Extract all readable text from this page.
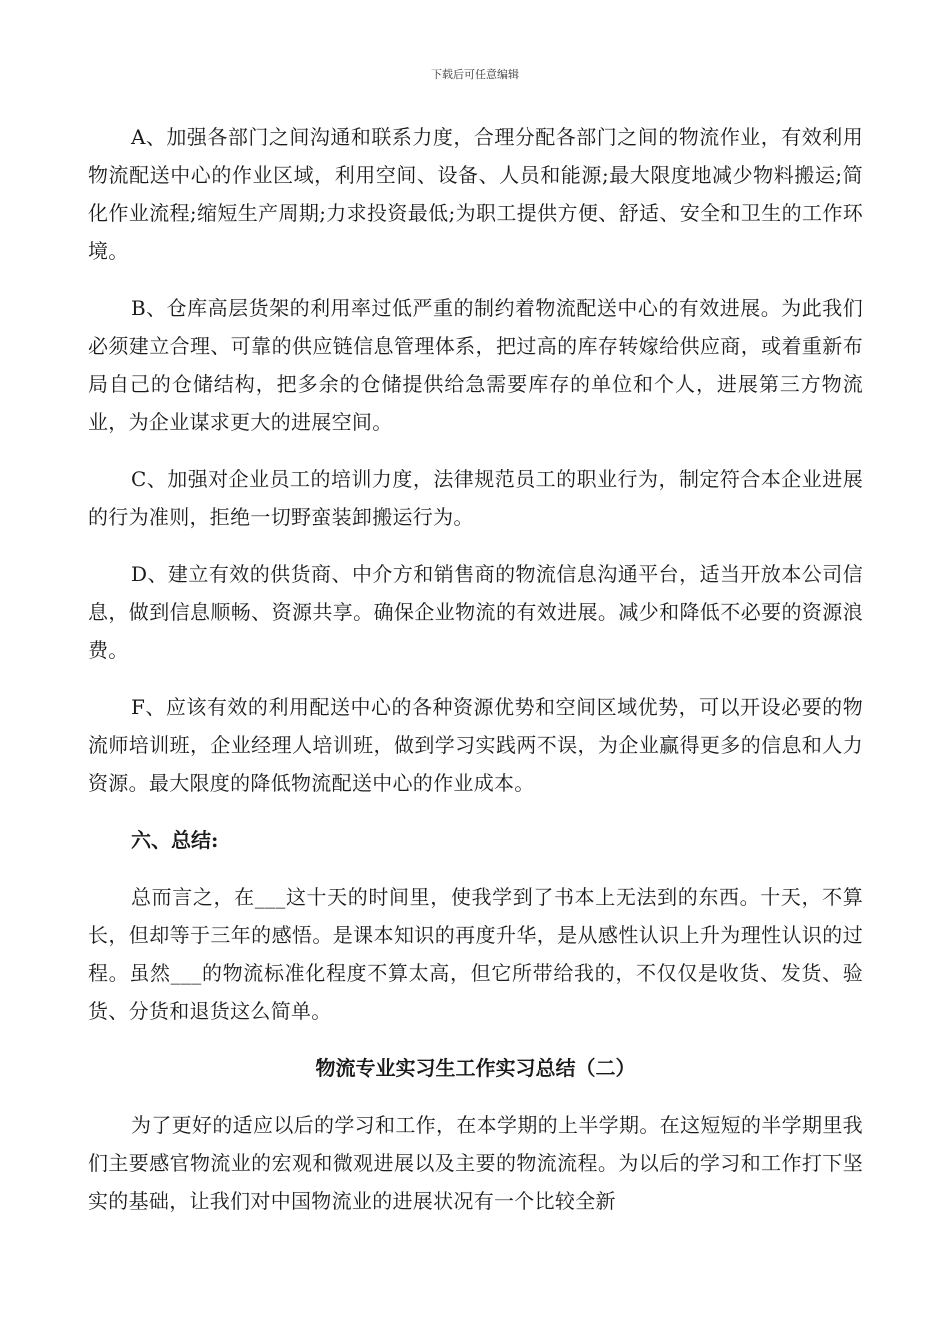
下载后可任意编辑

A、加强各部门之间沟通和联系力度，合理分配各部门之间的物流作业，有效利用物流配送中心的作业区域，利用空间、设备、人员和能源;最大限度地减少物料搬运;简化作业流程;缩短生产周期;力求投资最低;为职工提供方便、舒适、安全和卫生的工作环境。

B、仓库高层货架的利用率过低严重的制约着物流配送中心的有效进展。为此我们必须建立合理、可靠的供应链信息管理体系，把过高的库存转嫁给供应商，或着重新布局自己的仓储结构，把多余的仓储提供给急需要库存的单位和个人，进展第三方物流业，为企业谋求更大的进展空间。

C、加强对企业员工的培训力度，法律规范员工的职业行为，制定符合本企业进展的行为准则，拒绝一切野蛮装卸搬运行为。

D、建立有效的供货商、中介方和销售商的物流信息沟通平台，适当开放本公司信息，做到信息顺畅、资源共享。确保企业物流的有效进展。减少和降低不必要的资源浪费。

F、应该有效的利用配送中心的各种资源优势和空间区域优势，可以开设必要的物流师培训班，企业经理人培训班，做到学习实践两不误，为企业赢得更多的信息和人力资源。最大限度的降低物流配送中心的作业成本。

六、总结:

总而言之，在___这十天的时间里，使我学到了书本上无法到的东西。十天，不算长，但却等于三年的感悟。是课本知识的再度升华，是从感性认识上升为理性认识的过程。虽然___的物流标准化程度不算太高，但它所带给我的，不仅仅是收货、发货、验货、分货和退货这么简单。

物流专业实习生工作实习总结（二）

为了更好的适应以后的学习和工作，在本学期的上半学期。在这短短的半学期里我们主要感官物流业的宏观和微观进展以及主要的物流流程。为以后的学习和工作打下坚实的基础，让我们对中国物流业的进展状况有一个比较全新
